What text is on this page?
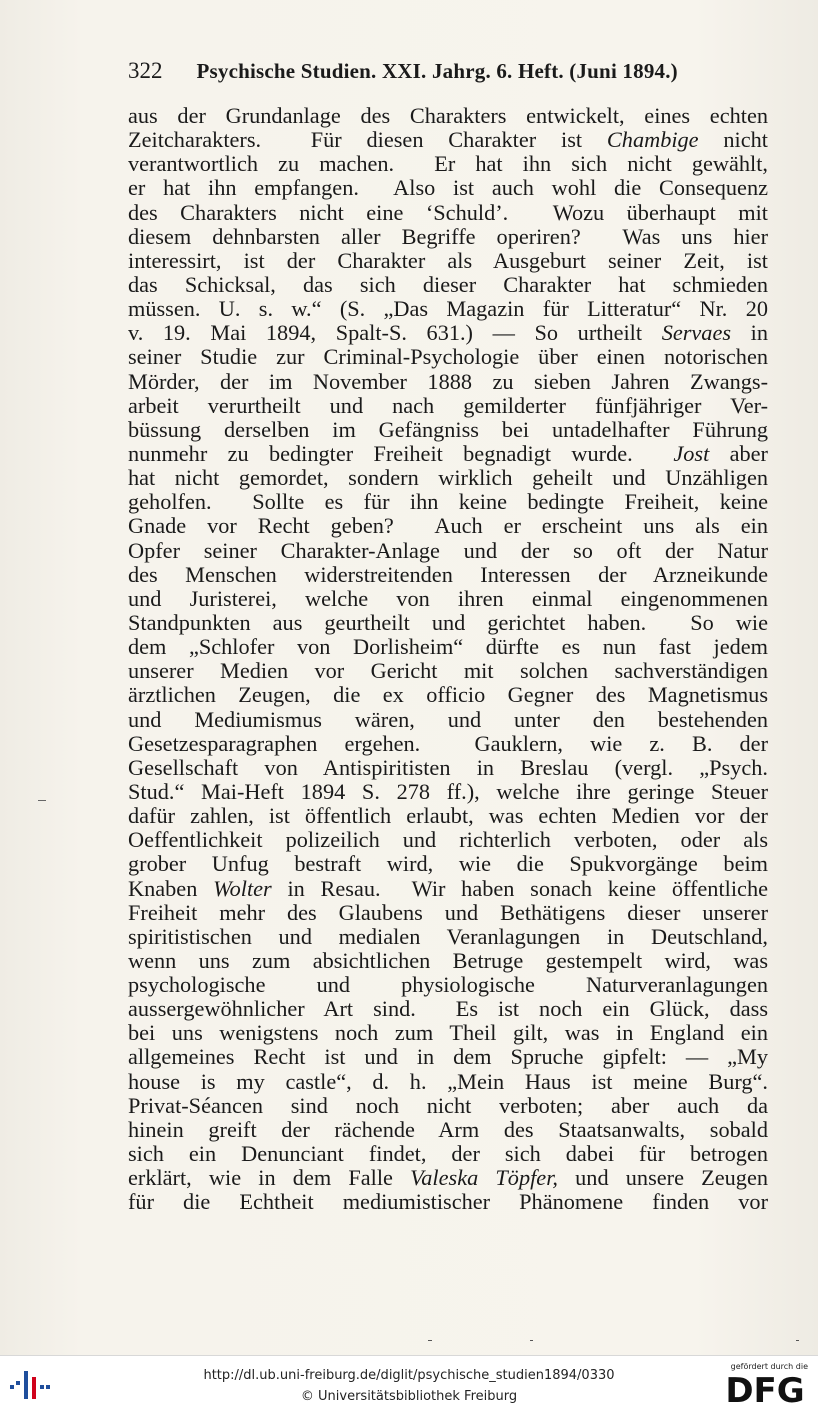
322 Psychische Studien. XXI. Jahrg. 6. Heft. (Juni 1894.)
aus der Grundanlage des Charakters entwickelt, eines echten
Zeitcharakters.  Für diesen Charakter ist Chambige nicht
verantwortlich zu machen.  Er hat ihn sich nicht gewählt,
er hat ihn empfangen.  Also ist auch wohl die Consequenz
des Charakters nicht eine ‘Schuld’.  Wozu überhaupt mit
diesem dehnbarsten aller Begriffe operiren?  Was uns hier
interessirt, ist der Charakter als Ausgeburt seiner Zeit, ist
das Schicksal, das sich dieser Charakter hat schmieden
müssen. U. s. w.“ (S. „Das Magazin für Litteratur“ Nr. 20
v. 19. Mai 1894, Spalt-S. 631.) — So urtheilt Servaes in
seiner Studie zur Criminal-Psychologie über einen notorischen
Mörder, der im November 1888 zu sieben Jahren Zwangs-
arbeit verurtheilt und nach gemilderter fünfjähriger Ver-
büssung derselben im Gefängniss bei untadelhafter Führung
nunmehr zu bedingter Freiheit begnadigt wurde.  Jost aber
hat nicht gemordet, sondern wirklich geheilt und Unzähligen
geholfen.  Sollte es für ihn keine bedingte Freiheit, keine
Gnade vor Recht geben?  Auch er erscheint uns als ein
Opfer seiner Charakter-Anlage und der so oft der Natur
des Menschen widerstreitenden Interessen der Arzneikunde
und Juristerei, welche von ihren einmal eingenommenen
Standpunkten aus geurtheilt und gerichtet haben.  So wie
dem „Schlofer von Dorlisheim“ dürfte es nun fast jedem
unserer Medien vor Gericht mit solchen sachverständigen
ärztlichen Zeugen, die ex officio Gegner des Magnetismus
und Mediumismus wären, und unter den bestehenden
Gesetzesparagraphen ergehen.  Gauklern, wie z. B. der
Gesellschaft von Antispiritisten in Breslau (vergl. „Psych.
Stud.“ Mai-Heft 1894 S. 278 ff.), welche ihre geringe Steuer
dafür zahlen, ist öffentlich erlaubt, was echten Medien vor der
Oeffentlichkeit polizeilich und richterlich verboten, oder als
grober Unfug bestraft wird, wie die Spukvorgänge beim
Knaben Wolter in Resau.  Wir haben sonach keine öffentliche
Freiheit mehr des Glaubens und Bethätigens dieser unserer
spiritistischen und medialen Veranlagungen in Deutschland,
wenn uns zum absichtlichen Betruge gestempelt wird, was
psychologische und physiologische Naturveranlagungen
aussergewöhnlicher Art sind.  Es ist noch ein Glück, dass
bei uns wenigstens noch zum Theil gilt, was in England ein
allgemeines Recht ist und in dem Spruche gipfelt: — „My
house is my castle“, d. h. „Mein Haus ist meine Burg“.
Privat-Séancen sind noch nicht verboten; aber auch da
hinein greift der rächende Arm des Staatsanwalts, sobald
sich ein Denunciant findet, der sich dabei für betrogen
erklärt, wie in dem Falle Valeska Töpfer, und unsere Zeugen
für die Echtheit mediumistischer Phänomene finden vor
http://dl.ub.uni-freiburg.de/diglit/psychische_studien1894/0330
© Universitätsbibliothek Freiburg
gefördert durch die
DFG
